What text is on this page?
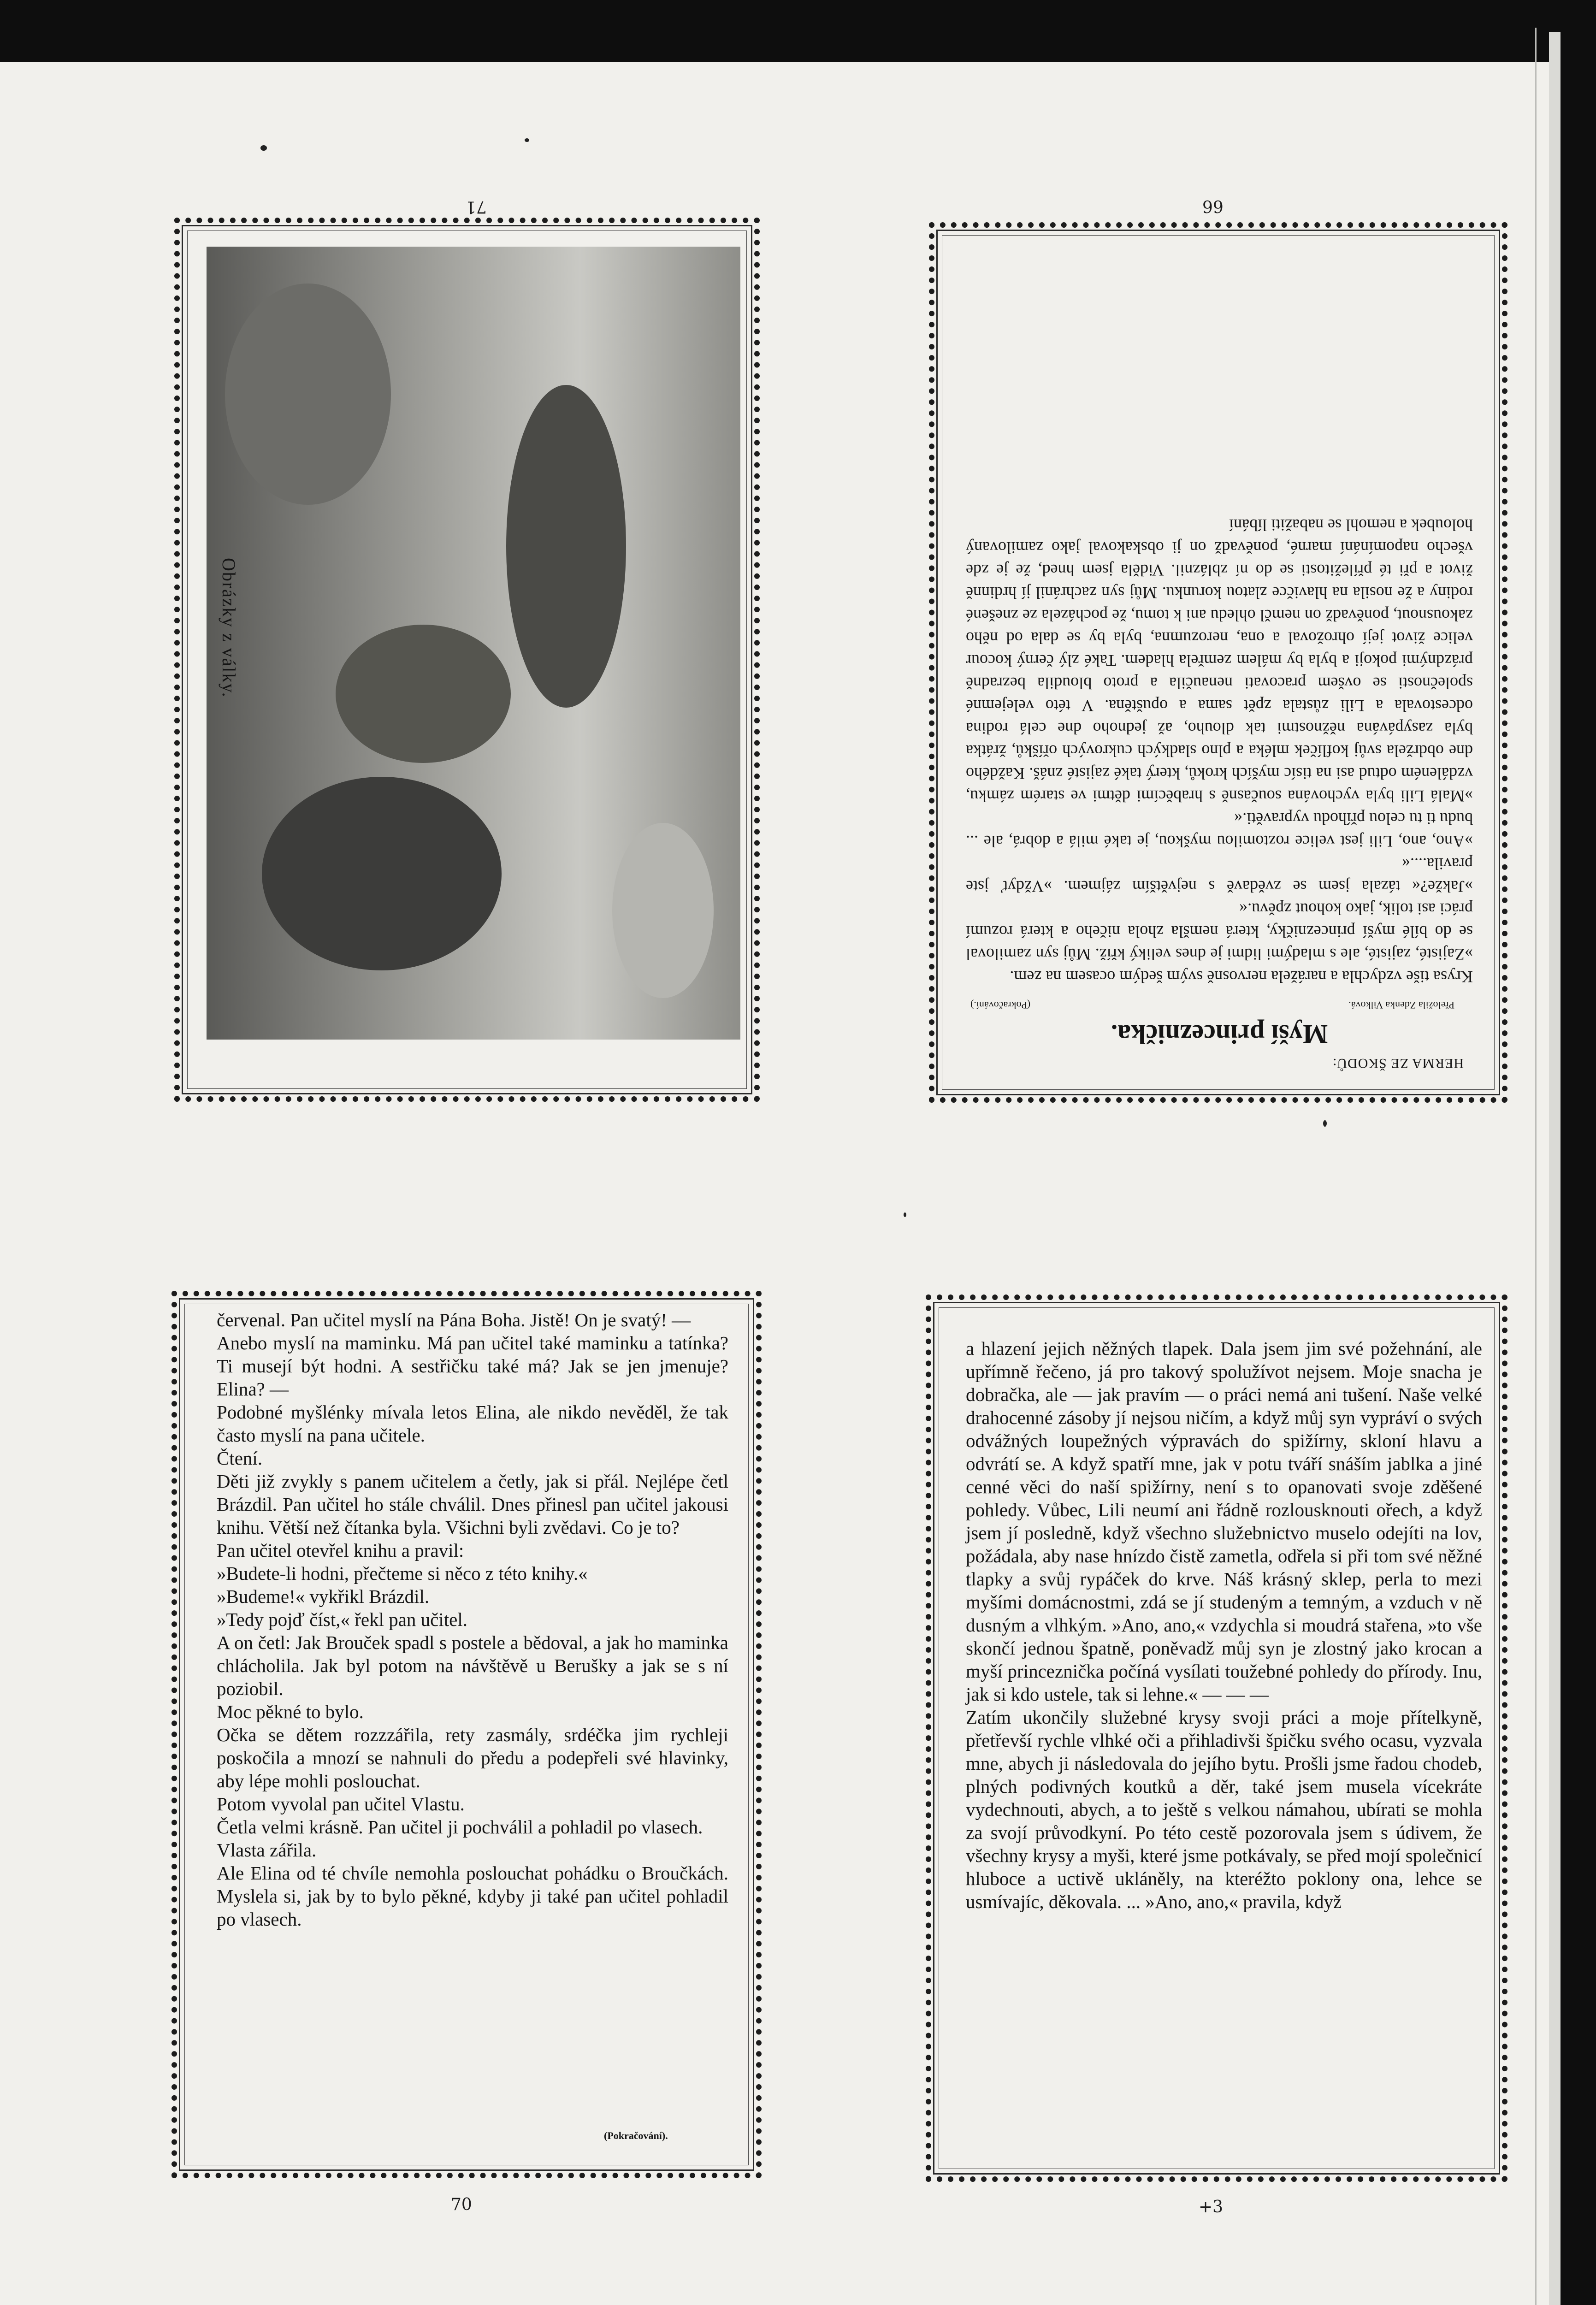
71	66
70	+3
Obrázky z války.
HERMA ZE ŠKODŮ:
Myší princeznička.
Přeložila Zdenka Vilková.
(Pokračování.)
Krysa tiše vzdychla a narážela nervosně svým šedým ocasem na zem.
»Zajisté, zajisté, ale s mladými lidmi je dnes veliký kříž. Můj syn zamiloval se do bílé myší princezničky, která nemšla zhola ničeho a která rozumí práci asi tolik, jako kohout zpěvu.«
»Jakže?« tázala jsem se zvědavě s největším zájmem. »Vždyť jste pravila....«
»Ano, ano, Lili jest velice roztomilou myškou, je také milá a dobrá, ale ... budu ti tu celou příhodu vypravěti.«
»Malá Lili byla vychována současně s hraběcími dětmi ve starém zámku, vzdáleném odtud asi na tisíc myších kroků, který také zajisté znáš. Každého dne obdržela svůj koflíček mléka a plno sladkých cukrových oříšků, žrátka byla zasypávána něžnostmi tak dlouho, až jednoho dne celá rodina odcestovala a Lili zůstala zpět sama a opuštěna. V této velejemné společnosti se ovšem pracovati nenaučila a proto bloudila bezradně prázdnými pokoji a byla by málem zemřela hladem. Také zlý černý kocour velice život její ohrožoval a ona, nerozumna, byla by se dala od něho zakousnout, poněvadž on nemčl ohledu ani k tomu, že pocházela ze znešené rodiny a že nosila na hlavičce zlatou korunku. Můj syn zachránil jí hrdinně život a při té příležitosti se do ní zbláznil. Viděla jsem hned, že je zde všecho napomínání marné, poněvadž on ji obskakoval jako zamilovaný holoubek a nemohl se nabažiti líbání
červenal. Pan učitel myslí na Pána Boha. Jistě! On je svatý! —
Anebo myslí na maminku. Má pan učitel také maminku a tatínka? Ti musejí být hodni. A sestřičku také má? Jak se jen jmenuje? Elina? —
Podobné myšlénky mívala letos Elina, ale nikdo nevěděl, že tak často myslí na pana učitele.
Čtení.
Děti již zvykly s panem učitelem a četly, jak si přál. Nejlépe četl Brázdil. Pan učitel ho stále chválil. Dnes přinesl pan učitel jakousi knihu. Větší než čítanka byla. Všichni byli zvědavi. Co je to?
Pan učitel otevřel knihu a pravil:
»Budete-li hodni, přečteme si něco z této knihy.«
»Budeme!« vykřikl Brázdil.
»Tedy pojď číst,« řekl pan učitel.
A on četl: Jak Brouček spadl s postele a bědoval, a jak ho maminka chlácholila. Jak byl potom na návštěvě u Berušky a jak se s ní poziobil.
Moc pěkné to bylo.
Očka se dětem rozzzářila, rety zasmály, srdéčka jim rychleji poskočila a mnozí se nahnuli do předu a podepřeli své hlavinky, aby lépe mohli poslouchat.
Potom vyvolal pan učitel Vlastu.
Četla velmi krásně. Pan učitel ji pochválil a pohladil po vlasech.
Vlasta zářila.
Ale Elina od té chvíle nemohla poslouchat pohádku o Broučkách. Myslela si, jak by to bylo pěkné, kdyby ji také pan učitel pohladil po vlasech.
(Pokračování).
a hlazení jejich něžných tlapek. Dala jsem jim své požehnání, ale upřímně řečeno, já pro takový spolužívot nejsem. Moje snacha je dobračka, ale — jak pravím — o práci nemá ani tušení. Naše velké drahocenné zásoby jí nejsou ničím, a když můj syn vypráví o svých odvážných loupežných výpravách do spižírny, skloní hlavu a odvrátí se. A když spatří mne, jak v potu tváří snáším jablka a jiné cenné věci do naší spižírny, není s to opanovati svoje zděšené pohledy. Vůbec, Lili neumí ani řádně rozlousknouti ořech, a když jsem jí posledně, když všechno služebnictvo muselo odejíti na lov, požádala, aby nase hnízdo čistě zametla, odřela si při tom své něžné tlapky a svůj rypáček do krve. Náš krásný sklep, perla to mezi myšími domácnostmi, zdá se jí studeným a temným, a vzduch v ně dusným a vlhkým. »Ano, ano,« vzdychla si moudrá stařena, »to vše skončí jednou špatně, poněvadž můj syn je zlostný jako krocan a myší princeznička počíná vysílati toužebné pohledy do přírody. Inu, jak si kdo ustele, tak si lehne.« — — —
Zatím ukončily služebné krysy svoji práci a moje přítelkyně, přetřevší rychle vlhké oči a přihladivši špičku svého ocasu, vyzvala mne, abych ji následovala do jejího bytu. Prošli jsme řadou chodeb, plných podivných koutků a děr, také jsem musela vícekráte vydechnouti, abych, a to ještě s velkou námahou, ubírati se mohla za svojí průvodkyní. Po této cestě pozorovala jsem s údivem, že všechny krysy a myši, které jsme potkávaly, se před mojí společnicí hluboce a uctivě ukláněly, na kteréžto poklony ona, lehce se usmívajíc, děkovala. ... »Ano, ano,« pravila, když
